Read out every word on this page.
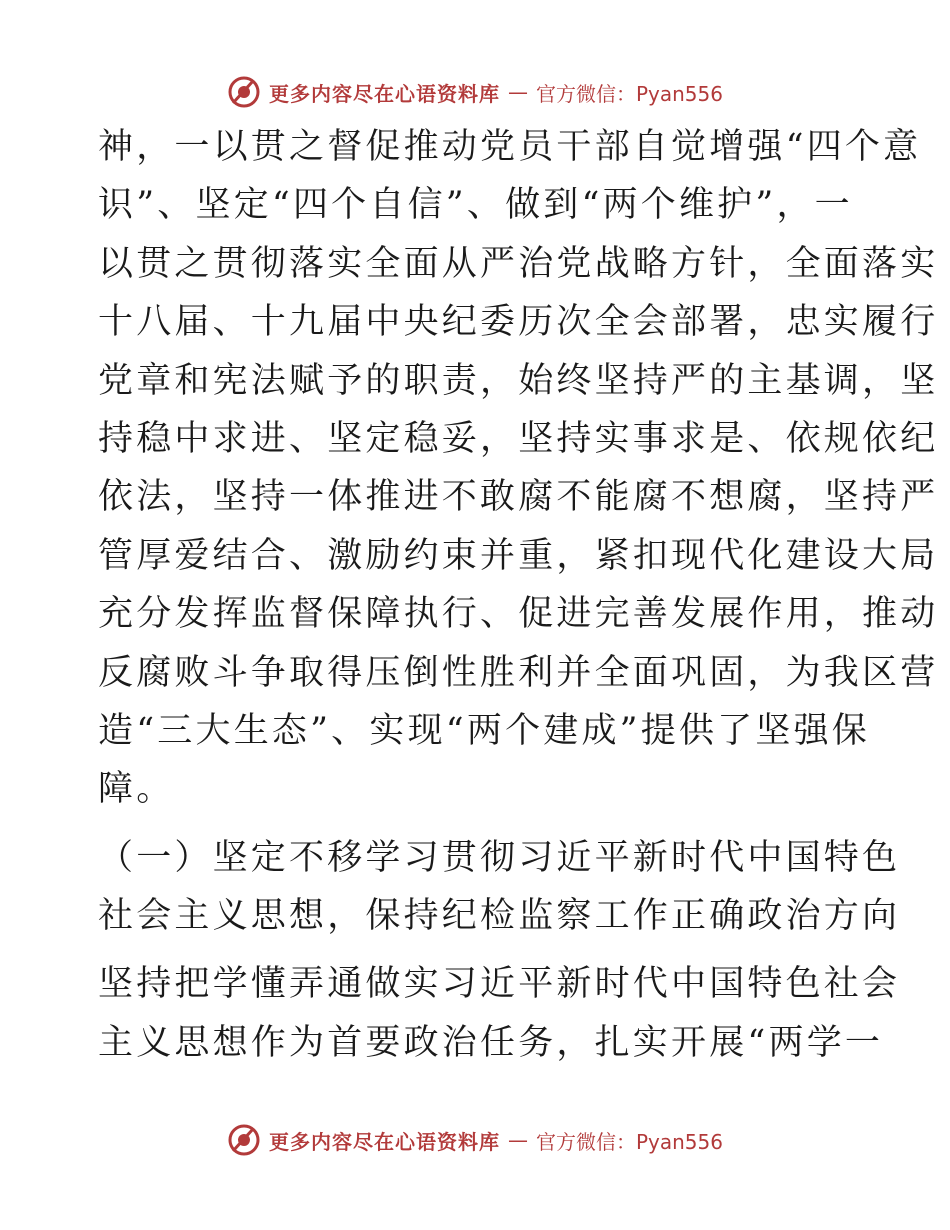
更多内容尽在心语资料库 — 官方微信：Pyan556
神，一以贯之督促推动党员干部自觉增强“四个意
识”、坚定“四个自信”、做到“两个维护”，一
以贯之贯彻落实全面从严治党战略方针，全面落实
十八届、十九届中央纪委历次全会部署，忠实履行
党章和宪法赋予的职责，始终坚持严的主基调，坚
持稳中求进、坚定稳妥，坚持实事求是、依规依纪
依法，坚持一体推进不敢腐不能腐不想腐，坚持严
管厚爱结合、激励约束并重，紧扣现代化建设大局
充分发挥监督保障执行、促进完善发展作用，推动
反腐败斗争取得压倒性胜利并全面巩固，为我区营
造“三大生态”、实现“两个建成”提供了坚强保
障。
（一）坚定不移学习贯彻习近平新时代中国特色
社会主义思想，保持纪检监察工作正确政治方向
坚持把学懂弄通做实习近平新时代中国特色社会
主义思想作为首要政治任务，扎实开展“两学一
更多内容尽在心语资料库 — 官方微信：Pyan556
